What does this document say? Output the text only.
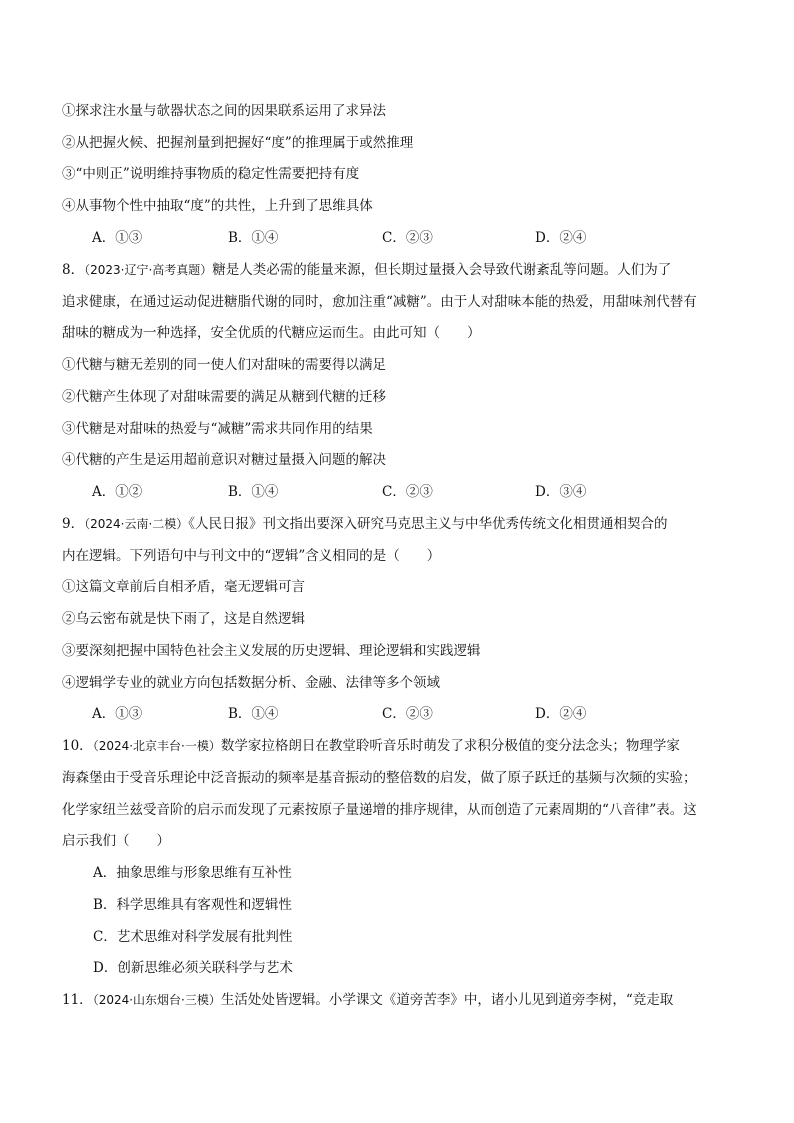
①探求注水量与欹器状态之间的因果联系运用了求异法
②从把握火候、把握剂量到把握好“度”的推理属于或然推理
③“中则正”说明维持事物质的稳定性需要把持有度
④从事物个性中抽取“度”的共性，上升到了思维具体
A．①③	B．①④	C．②③	D．②④
8．（2023·辽宁·高考真题）糖是人类必需的能量来源，但长期过量摄入会导致代谢紊乱等问题。人们为了
追求健康，在通过运动促进糖脂代谢的同时，愈加注重“减糖”。由于人对甜味本能的热爱，用甜味剂代替有
甜味的糖成为一种选择，安全优质的代糖应运而生。由此可知（　　）
①代糖与糖无差别的同一使人们对甜味的需要得以满足
②代糖产生体现了对甜味需要的满足从糖到代糖的迁移
③代糖是对甜味的热爱与“减糖”需求共同作用的结果
④代糖的产生是运用超前意识对糖过量摄入问题的解决
A．①②	B．①④	C．②③	D．③④
9．（2024·云南·二模）《人民日报》刊文指出要深入研究马克思主义与中华优秀传统文化相贯通相契合的
内在逻辑。下列语句中与刊文中的“逻辑”含义相同的是（　　）
①这篇文章前后自相矛盾，毫无逻辑可言
②乌云密布就是快下雨了，这是自然逻辑
③要深刻把握中国特色社会主义发展的历史逻辑、理论逻辑和实践逻辑
④逻辑学专业的就业方向包括数据分析、金融、法律等多个领域
A．①③	B．①④	C．②③	D．②④
10．（2024·北京丰台·一模）数学家拉格朗日在教堂聆听音乐时萌发了求积分极值的变分法念头；物理学家
海森堡由于受音乐理论中泛音振动的频率是基音振动的整倍数的启发，做了原子跃迁的基频与次频的实验；
化学家纽兰兹受音阶的启示而发现了元素按原子量递增的排序规律，从而创造了元素周期的“八音律”表。这
启示我们（　　）
A．抽象思维与形象思维有互补性
B．科学思维具有客观性和逻辑性
C．艺术思维对科学发展有批判性
D．创新思维必须关联科学与艺术
11．（2024·山东烟台·三模）生活处处皆逻辑。小学课文《道旁苦李》中，诸小儿见到道旁李树，“竞走取
